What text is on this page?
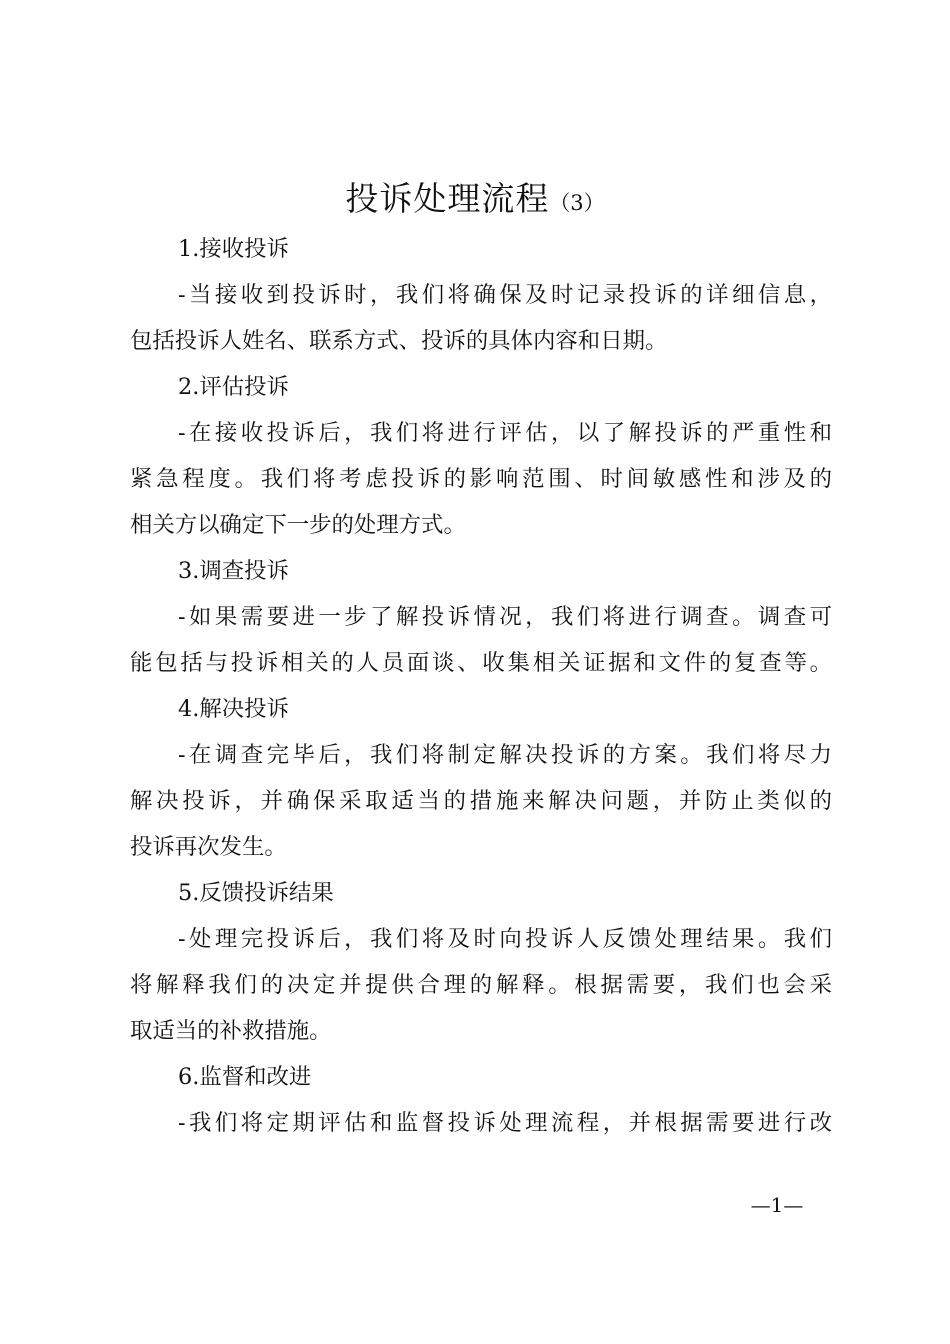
投诉处理流程（3）
1.接收投诉
-当接收到投诉时，我们将确保及时记录投诉的详细信息，
包括投诉人姓名、联系方式、投诉的具体内容和日期。
2.评估投诉
-在接收投诉后，我们将进行评估，以了解投诉的严重性和
紧急程度。我们将考虑投诉的影响范围、时间敏感性和涉及的
相关方以确定下一步的处理方式。
3.调查投诉
-如果需要进一步了解投诉情况，我们将进行调查。调查可
能包括与投诉相关的人员面谈、收集相关证据和文件的复查等。
4.解决投诉
-在调查完毕后，我们将制定解决投诉的方案。我们将尽力
解决投诉，并确保采取适当的措施来解决问题，并防止类似的
投诉再次发生。
5.反馈投诉结果
-处理完投诉后，我们将及时向投诉人反馈处理结果。我们
将解释我们的决定并提供合理的解释。根据需要，我们也会采
取适当的补救措施。
6.监督和改进
-我们将定期评估和监督投诉处理流程，并根据需要进行改
—1—
